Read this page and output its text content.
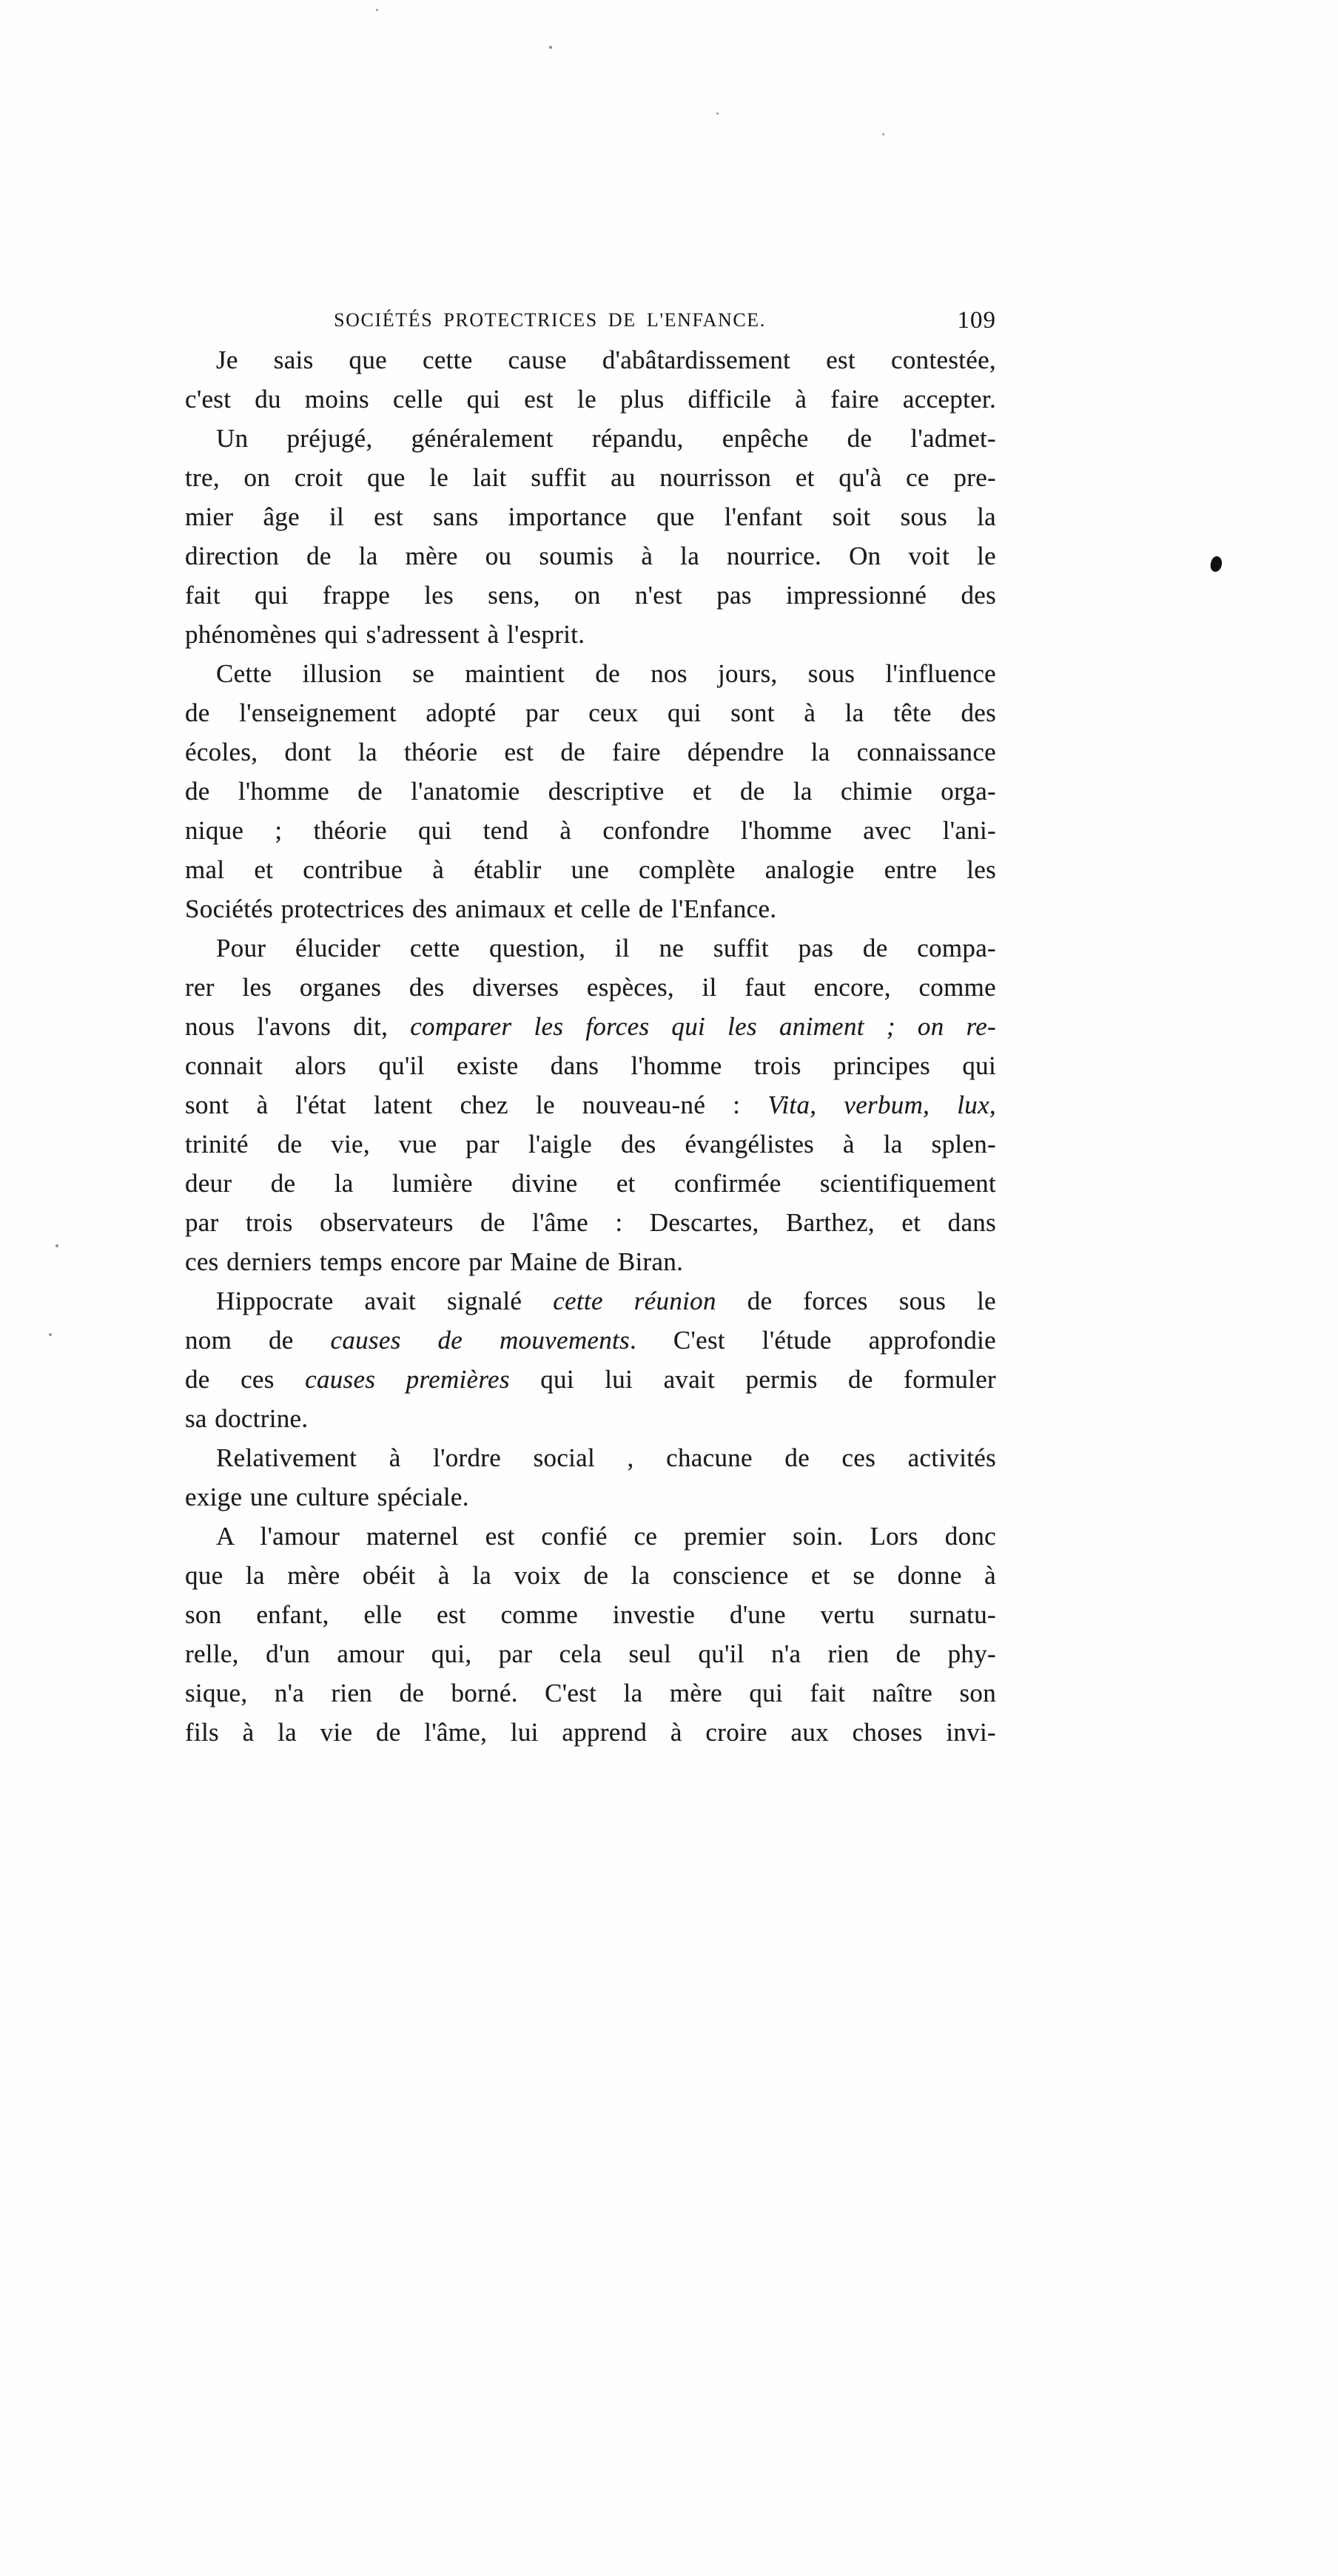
SOCIÉTÉS PROTECTRICES DE L'ENFANCE.	109
Je sais que cette cause d'abâtardissement est contestée,
c'est du moins celle qui est le plus difficile à faire accepter.
Un préjugé, généralement répandu, enpêche de l'admet-
tre, on croit que le lait suffit au nourrisson et qu'à ce pre-
mier âge il est sans importance que l'enfant soit sous la
direction de la mère ou soumis à la nourrice. On voit le
fait qui frappe les sens, on n'est pas impressionné des
phénomènes qui s'adressent à l'esprit.
Cette illusion se maintient de nos jours, sous l'influence
de l'enseignement adopté par ceux qui sont à la tête des
écoles, dont la théorie est de faire dépendre la connaissance
de l'homme de l'anatomie descriptive et de la chimie orga-
nique ; théorie qui tend à confondre l'homme avec l'ani-
mal et contribue à établir une complète analogie entre les
Sociétés protectrices des animaux et celle de l'Enfance.
Pour élucider cette question, il ne suffit pas de compa-
rer les organes des diverses espèces, il faut encore, comme
nous l'avons dit, comparer les forces qui les animent ; on re-
connait alors qu'il existe dans l'homme trois principes qui
sont à l'état latent chez le nouveau-né : Vita, verbum, lux,
trinité de vie, vue par l'aigle des évangélistes à la splen-
deur de la lumière divine et confirmée scientifiquement
par trois observateurs de l'âme : Descartes, Barthez, et dans
ces derniers temps encore par Maine de Biran.
Hippocrate avait signalé cette réunion de forces sous le
nom de causes de mouvements. C'est l'étude approfondie
de ces causes premières qui lui avait permis de formuler
sa doctrine.
Relativement à l'ordre social , chacune de ces activités
exige une culture spéciale.
A l'amour maternel est confié ce premier soin. Lors donc
que la mère obéit à la voix de la conscience et se donne à
son enfant, elle est comme investie d'une vertu surnatu-
relle, d'un amour qui, par cela seul qu'il n'a rien de phy-
sique, n'a rien de borné. C'est la mère qui fait naître son
fils à la vie de l'âme, lui apprend à croire aux choses invi-
